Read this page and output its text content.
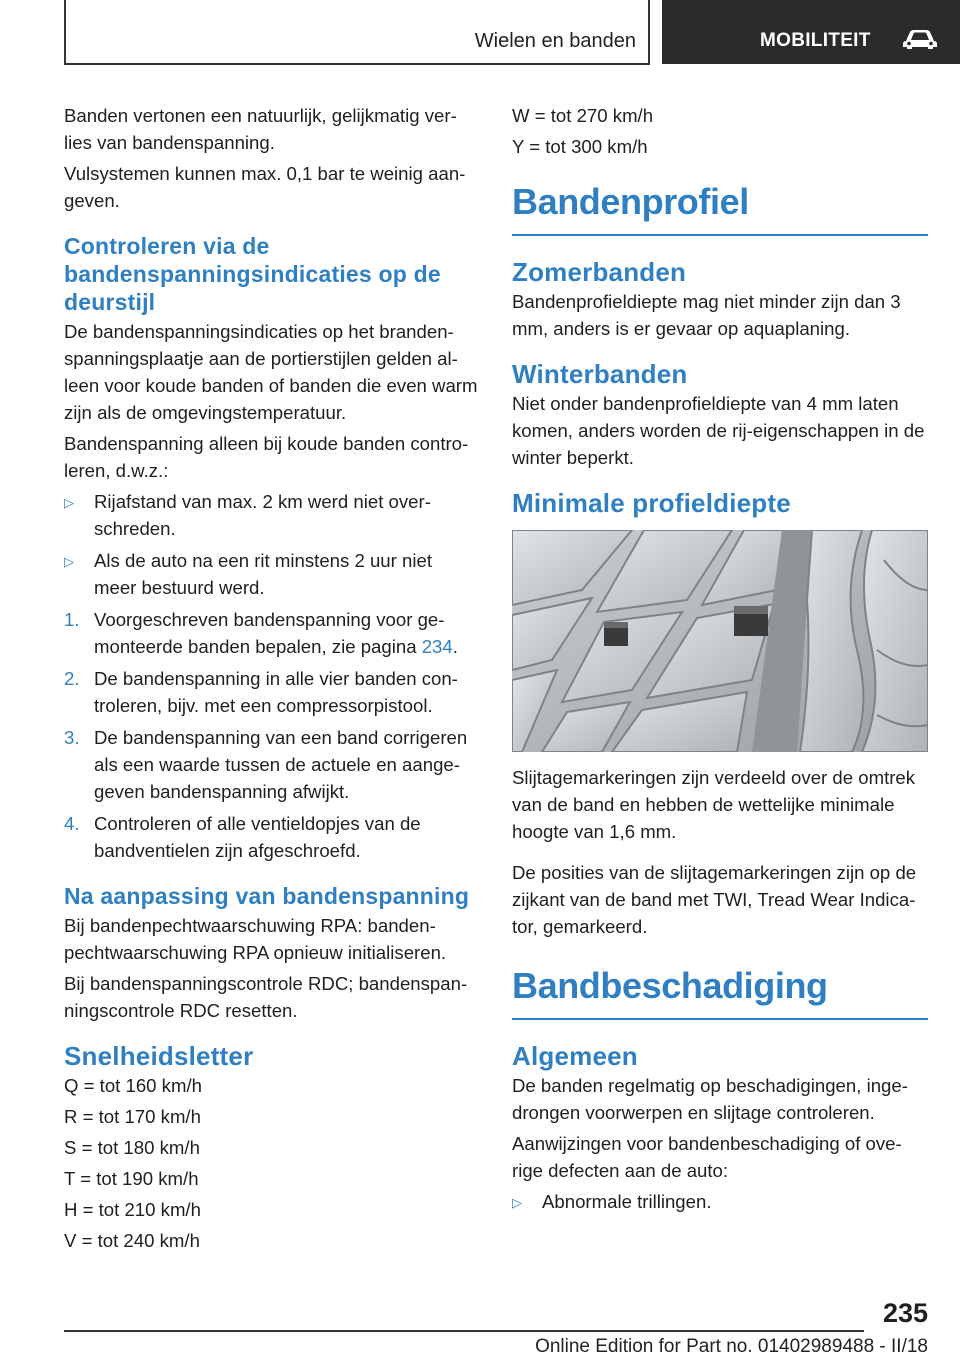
Wielen en banden	MOBILITEIT

Banden vertonen een natuurlijk, gelijkmatig ver-lies van bandenspanning.

Vulsystemen kunnen max. 0,1 bar te weinig aan-geven.

Controleren via de bandenspanningsindicaties op de deurstijl

De bandenspanningsindicaties op het branden-spanningsplaatje aan de portierstijlen gelden al-leen voor koude banden of banden die even warm zijn als de omgevingstemperatuur.

Bandenspanning alleen bij koude banden contro-leren, d.w.z.:

▷ Rijafstand van max. 2 km werd niet over-schreden.
▷ Als de auto na een rit minstens 2 uur niet meer bestuurd werd.
1. Voorgeschreven bandenspanning voor ge-monteerde banden bepalen, zie pagina 234.
2. De bandenspanning in alle vier banden con-troleren, bijv. met een compressorpistool.
3. De bandenspanning van een band corrigeren als een waarde tussen de actuele en aange-geven bandenspanning afwijkt.
4. Controleren of alle ventieldopjes van de bandventielen zijn afgeschroefd.
Na aanpassing van bandenspanning

Bij bandenpechtwaarschuwing RPA: banden-pechtwaarschuwing RPA opnieuw initialiseren.

Bij bandenspanningscontrole RDC; bandenspan-ningscontrole RDC resetten.

Snelheidsletter

Q = tot 160 km/h

R = tot 170 km/h

S = tot 180 km/h

T = tot 190 km/h

H = tot 210 km/h

V = tot 240 km/h

W = tot 270 km/h

Y = tot 300 km/h

Bandenprofiel
Zomerbanden

Bandenprofieldiepte mag niet minder zijn dan 3 mm, anders is er gevaar op aquaplaning.

Winterbanden

Niet onder bandenprofieldiepte van 4 mm laten komen, anders worden de rij-eigenschappen in de winter beperkt.

Minimale profieldiepte

Slijtagemarkeringen zijn verdeeld over de omtrek van de band en hebben de wettelijke minimale hoogte van 1,6 mm.

De posities van de slijtagemarkeringen zijn op de zijkant van de band met TWI, Tread Wear Indica-tor, gemarkeerd.

Bandbeschadiging
Algemeen

De banden regelmatig op beschadigingen, inge-drongen voorwerpen en slijtage controleren.

Aanwijzingen voor bandenbeschadiging of ove-rige defecten aan de auto:

▷ Abnormale trillingen.
235
Online Edition for Part no. 01402989488 - II/18
